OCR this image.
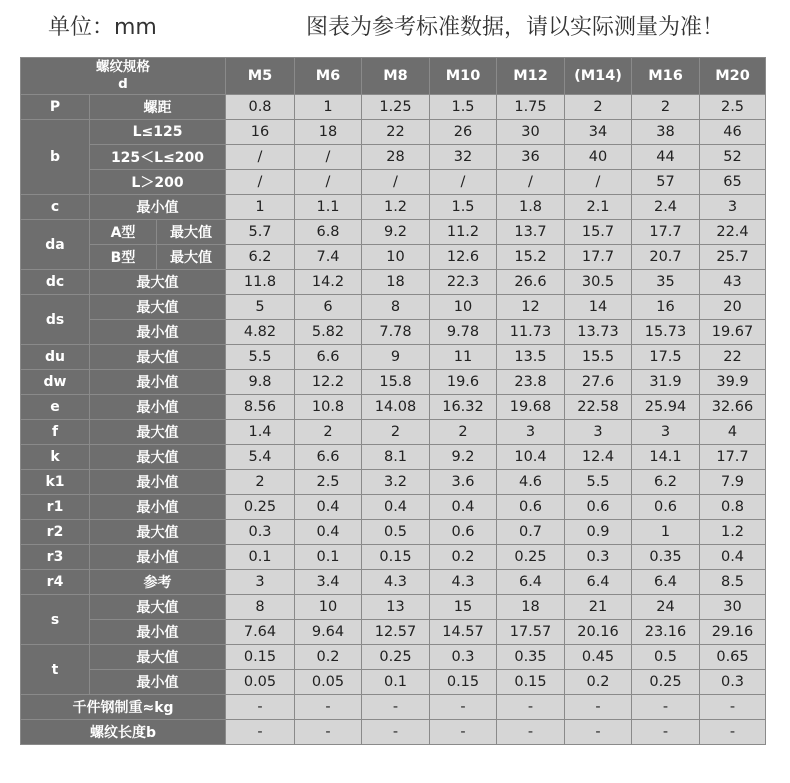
单位：mm	图表为参考标准数据，请以实际测量为准！
螺纹规格
d			M5	M6	M8	M10	M12	(M14)	M16	M20
P	螺距		0.8	1	1.25	1.5	1.75	2	2	2.5
b	L≤125		16	18	22	26	30	34	38	46
	125＜L≤200		/	/	28	32	36	40	44	52
	L＞200		/	/	/	/	/	/	57	65
c	最小值		1	1.1	1.2	1.5	1.8	2.1	2.4	3
da	A型	最大值	5.7	6.8	9.2	11.2	13.7	15.7	17.7	22.4
	B型	最大值	6.2	7.4	10	12.6	15.2	17.7	20.7	25.7
dc	最大值		11.8	14.2	18	22.3	26.6	30.5	35	43
ds	最大值		5	6	8	10	12	14	16	20
	最小值		4.82	5.82	7.78	9.78	11.73	13.73	15.73	19.67
du	最大值		5.5	6.6	9	11	13.5	15.5	17.5	22
dw	最小值		9.8	12.2	15.8	19.6	23.8	27.6	31.9	39.9
e	最小值		8.56	10.8	14.08	16.32	19.68	22.58	25.94	32.66
f	最大值		1.4	2	2	2	3	3	3	4
k	最大值		5.4	6.6	8.1	9.2	10.4	12.4	14.1	17.7
k1	最小值		2	2.5	3.2	3.6	4.6	5.5	6.2	7.9
r1	最小值		0.25	0.4	0.4	0.4	0.6	0.6	0.6	0.8
r2	最大值		0.3	0.4	0.5	0.6	0.7	0.9	1	1.2
r3	最小值		0.1	0.1	0.15	0.2	0.25	0.3	0.35	0.4
r4	参考		3	3.4	4.3	4.3	6.4	6.4	6.4	8.5
s	最大值		8	10	13	15	18	21	24	30
	最小值		7.64	9.64	12.57	14.57	17.57	20.16	23.16	29.16
t	最大值		0.15	0.2	0.25	0.3	0.35	0.45	0.5	0.65
	最小值		0.05	0.05	0.1	0.15	0.15	0.2	0.25	0.3
千件钢制重≈kg			-	-	-	-	-	-	-	-
螺纹长度b			-	-	-	-	-	-	-	-
